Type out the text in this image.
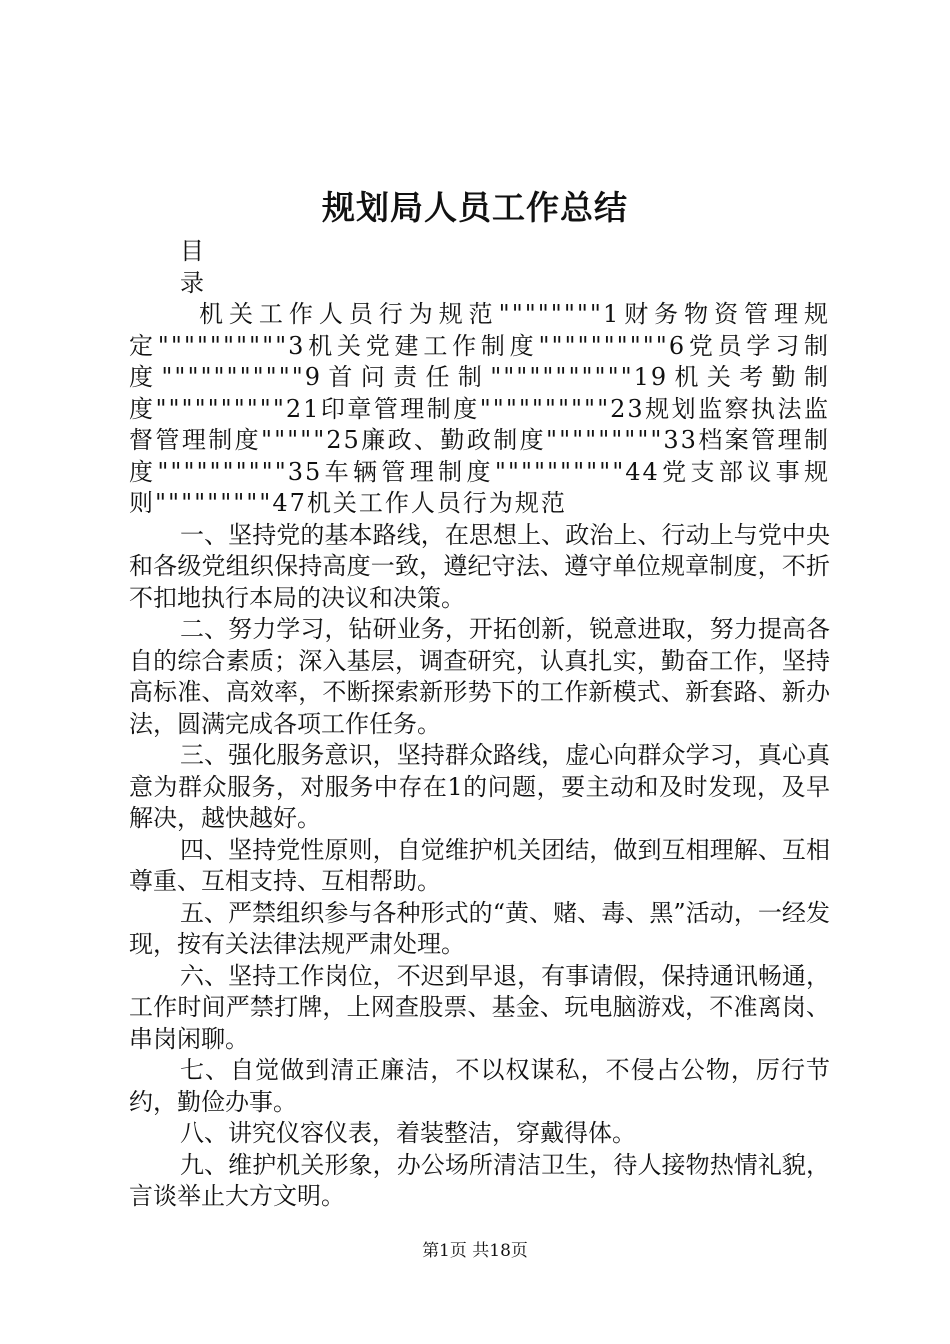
规划局人员工作总结
目
录

机关工作人员行为规范""""""""1财务物资管理规定""""""""""3机关党建工作制度""""""""""6党员学习制度"""""""""""9首问责任制"""""""""""19机关考勤制度""""""""""21印章管理制度""""""""""23规划监察执法监督管理制度"""""25廉政、勤政制度"""""""""33档案管理制度""""""""""35车辆管理制度""""""""""44党支部议事规则"""""""""47机关工作人员行为规范

一、坚持党的基本路线，在思想上、政治上、行动上与党中央和各级党组织保持高度一致，遵纪守法、遵守单位规章制度，不折不扣地执行本局的决议和决策。

二、努力学习，钻研业务，开拓创新，锐意进取，努力提高各自的综合素质；深入基层，调查研究，认真扎实，勤奋工作，坚持高标准、高效率，不断探索新形势下的工作新模式、新套路、新办法，圆满完成各项工作任务。

三、强化服务意识，坚持群众路线，虚心向群众学习，真心真意为群众服务，对服务中存在1的问题，要主动和及时发现，及早解决，越快越好。

四、坚持党性原则，自觉维护机关团结，做到互相理解、互相尊重、互相支持、互相帮助。

五、严禁组织参与各种形式的“黄、赌、毒、黑”活动，一经发现，按有关法律法规严肃处理。

六、坚持工作岗位，不迟到早退，有事请假，保持通讯畅通，工作时间严禁打牌，上网查股票、基金、玩电脑游戏，不准离岗、串岗闲聊。

七、自觉做到清正廉洁，不以权谋私，不侵占公物，厉行节约，勤俭办事。

八、讲究仪容仪表，着装整洁，穿戴得体。

九、维护机关形象，办公场所清洁卫生，待人接物热情礼貌，言谈举止大方文明。

第1页 共18页
